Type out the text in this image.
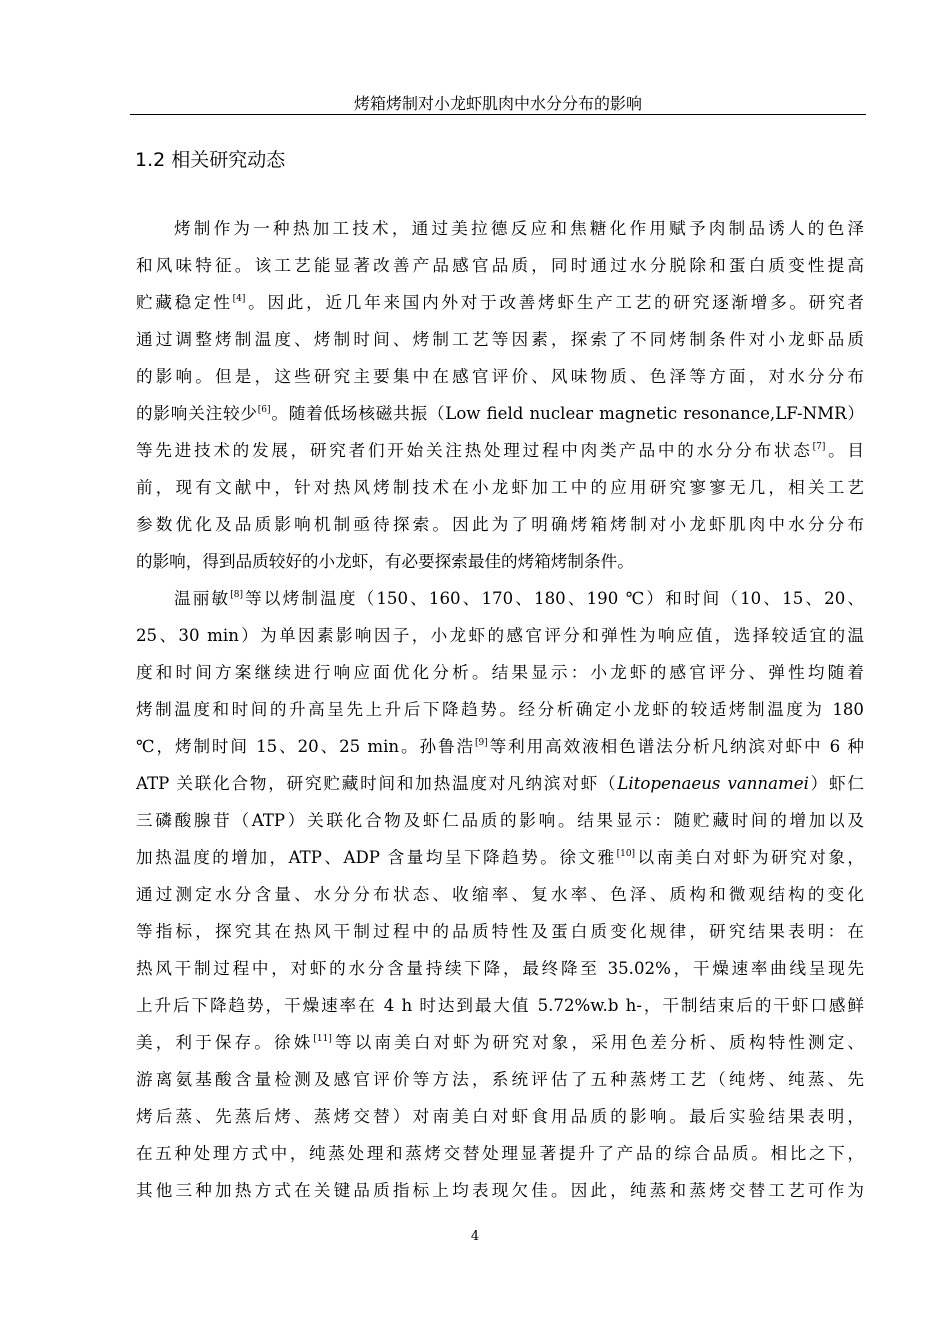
烤箱烤制对小龙虾肌肉中水分分布的影响
1.2 相关研究动态
烤制作为一种热加工技术，通过美拉德反应和焦糖化作用赋予肉制品诱人的色泽
和风味特征。该工艺能显著改善产品感官品质，同时通过水分脱除和蛋白质变性提高
贮藏稳定性[4]。因此，近几年来国内外对于改善烤虾生产工艺的研究逐渐增多。研究者
通过调整烤制温度、烤制时间、烤制工艺等因素，探索了不同烤制条件对小龙虾品质
的影响。但是，这些研究主要集中在感官评价、风味物质、色泽等方面，对水分分布
的影响关注较少[6]。随着低场核磁共振（Low field nuclear magnetic resonance,LF-NMR）
等先进技术的发展，研究者们开始关注热处理过程中肉类产品中的水分分布状态[7]。目
前，现有文献中，针对热风烤制技术在小龙虾加工中的应用研究寥寥无几，相关工艺
参数优化及品质影响机制亟待探索。因此为了明确烤箱烤制对小龙虾肌肉中水分分布
的影响，得到品质较好的小龙虾，有必要探索最佳的烤箱烤制条件。
温丽敏[8]等以烤制温度（150、160、170、180、190 ℃）和时间（10、15、20、
25、30 min）为单因素影响因子，小龙虾的感官评分和弹性为响应值，选择较适宜的温
度和时间方案继续进行响应面优化分析。结果显示：小龙虾的感官评分、弹性均随着
烤制温度和时间的升高呈先上升后下降趋势。经分析确定小龙虾的较适烤制温度为 180
℃，烤制时间 15、20、25 min。孙鲁浩[9]等利用高效液相色谱法分析凡纳滨对虾中 6 种
ATP 关联化合物，研究贮藏时间和加热温度对凡纳滨对虾（Litopenaeus vannamei）虾仁
三磷酸腺苷（ATP）关联化合物及虾仁品质的影响。结果显示：随贮藏时间的增加以及
加热温度的增加，ATP、ADP 含量均呈下降趋势。徐文雅[10]以南美白对虾为研究对象，
通过测定水分含量、水分分布状态、收缩率、复水率、色泽、质构和微观结构的变化
等指标，探究其在热风干制过程中的品质特性及蛋白质变化规律，研究结果表明：在
热风干制过程中，对虾的水分含量持续下降，最终降至 35.02%，干燥速率曲线呈现先
上升后下降趋势，干燥速率在 4 h 时达到最大值 5.72%w.b h-，干制结束后的干虾口感鲜
美，利于保存。徐姝[11]等以南美白对虾为研究对象，采用色差分析、质构特性测定、
游离氨基酸含量检测及感官评价等方法，系统评估了五种蒸烤工艺（纯烤、纯蒸、先
烤后蒸、先蒸后烤、蒸烤交替）对南美白对虾食用品质的影响。最后实验结果表明，
在五种处理方式中，纯蒸处理和蒸烤交替处理显著提升了产品的综合品质。相比之下，
其他三种加热方式在关键品质指标上均表现欠佳。因此，纯蒸和蒸烤交替工艺可作为
4
